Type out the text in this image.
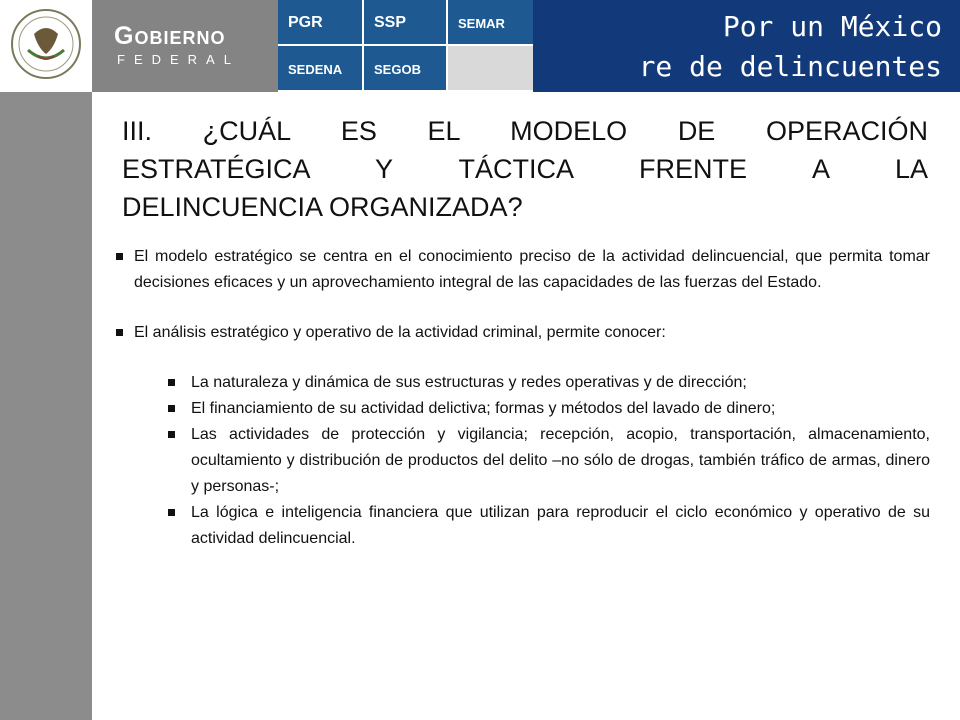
Gobierno
FEDERAL
PGR	SSP	SEMAR
SEDENA	SEGOB
Por un México
re de delincuentes
III. ¿CUÁL ES EL MODELO DE OPERACIÓN
ESTRATÉGICA Y TÁCTICA FRENTE A LA
DELINCUENCIA ORGANIZADA?
El modelo estratégico se centra en el conocimiento preciso de la actividad delincuencial, que permita tomar decisiones eficaces y un aprovechamiento integral de las capacidades de las fuerzas del Estado.
El análisis estratégico y operativo de la actividad criminal, permite conocer:
La naturaleza y dinámica de sus estructuras y redes operativas y de dirección;
El financiamiento de su actividad delictiva; formas y métodos del lavado de dinero;
Las actividades de protección y vigilancia; recepción, acopio, transportación, almacenamiento, ocultamiento y distribución de productos del delito –no sólo de drogas, también tráfico de armas, dinero y personas-;
La lógica e inteligencia financiera que utilizan para reproducir el ciclo económico y operativo de su actividad delincuencial.
